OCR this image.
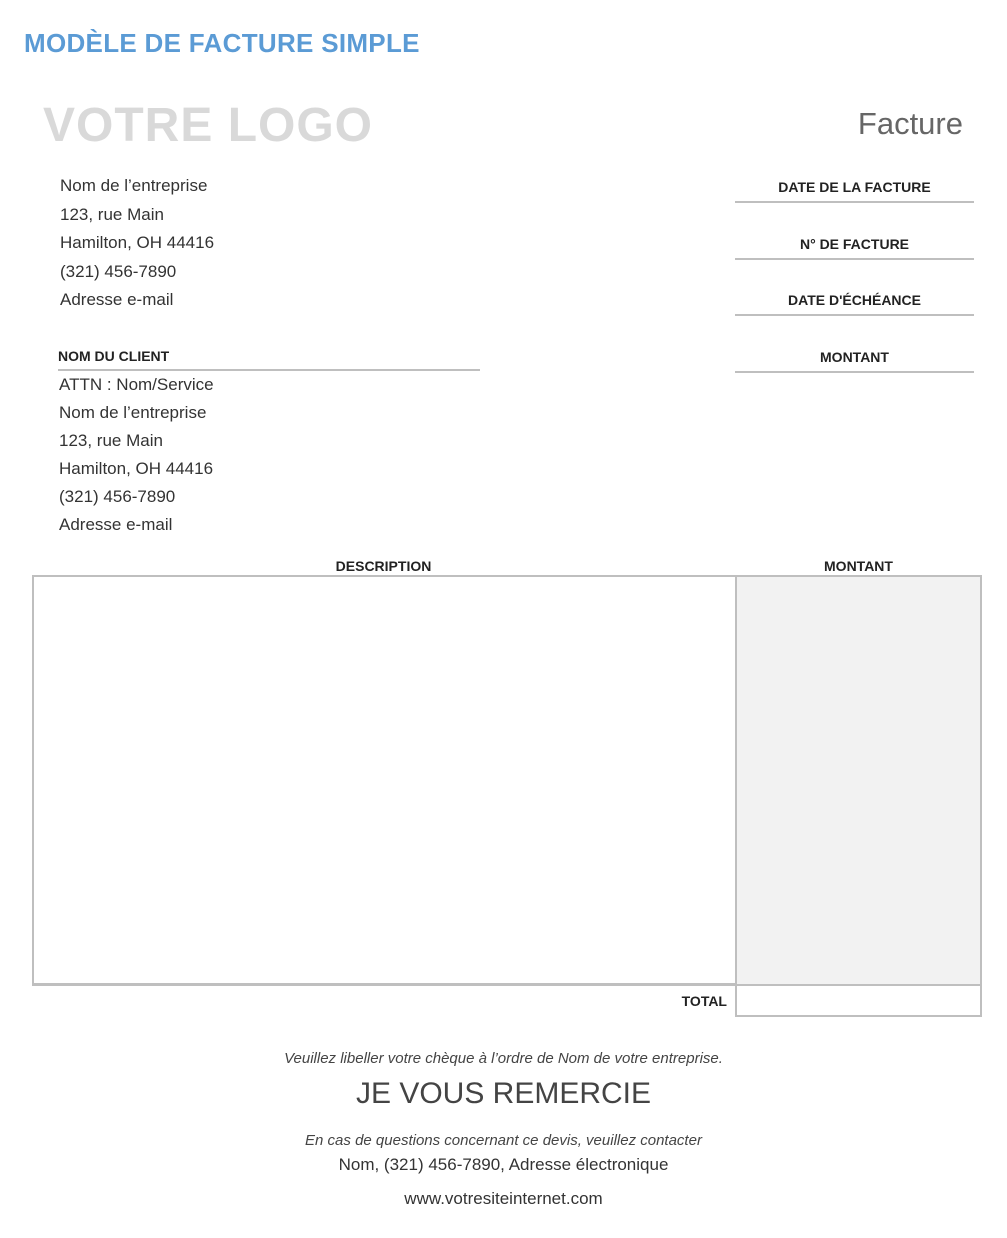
MODÈLE DE FACTURE SIMPLE
VOTRE LOGO	Facture
Nom de l’entreprise
123, rue Main
Hamilton, OH 44416
(321) 456-7890
Adresse e-mail
DATE DE LA FACTURE
N° DE FACTURE
DATE D'ÉCHÉANCE
MONTANT
NOM DU CLIENT
ATTN : Nom/Service
Nom de l’entreprise
123, rue Main
Hamilton, OH 44416
(321) 456-7890
Adresse e-mail
DESCRIPTION	MONTANT
TOTAL
Veuillez libeller votre chèque à l’ordre de Nom de votre entreprise.
JE VOUS REMERCIE
En cas de questions concernant ce devis, veuillez contacter
Nom, (321) 456-7890, Adresse électronique
www.votresiteinternet.com
